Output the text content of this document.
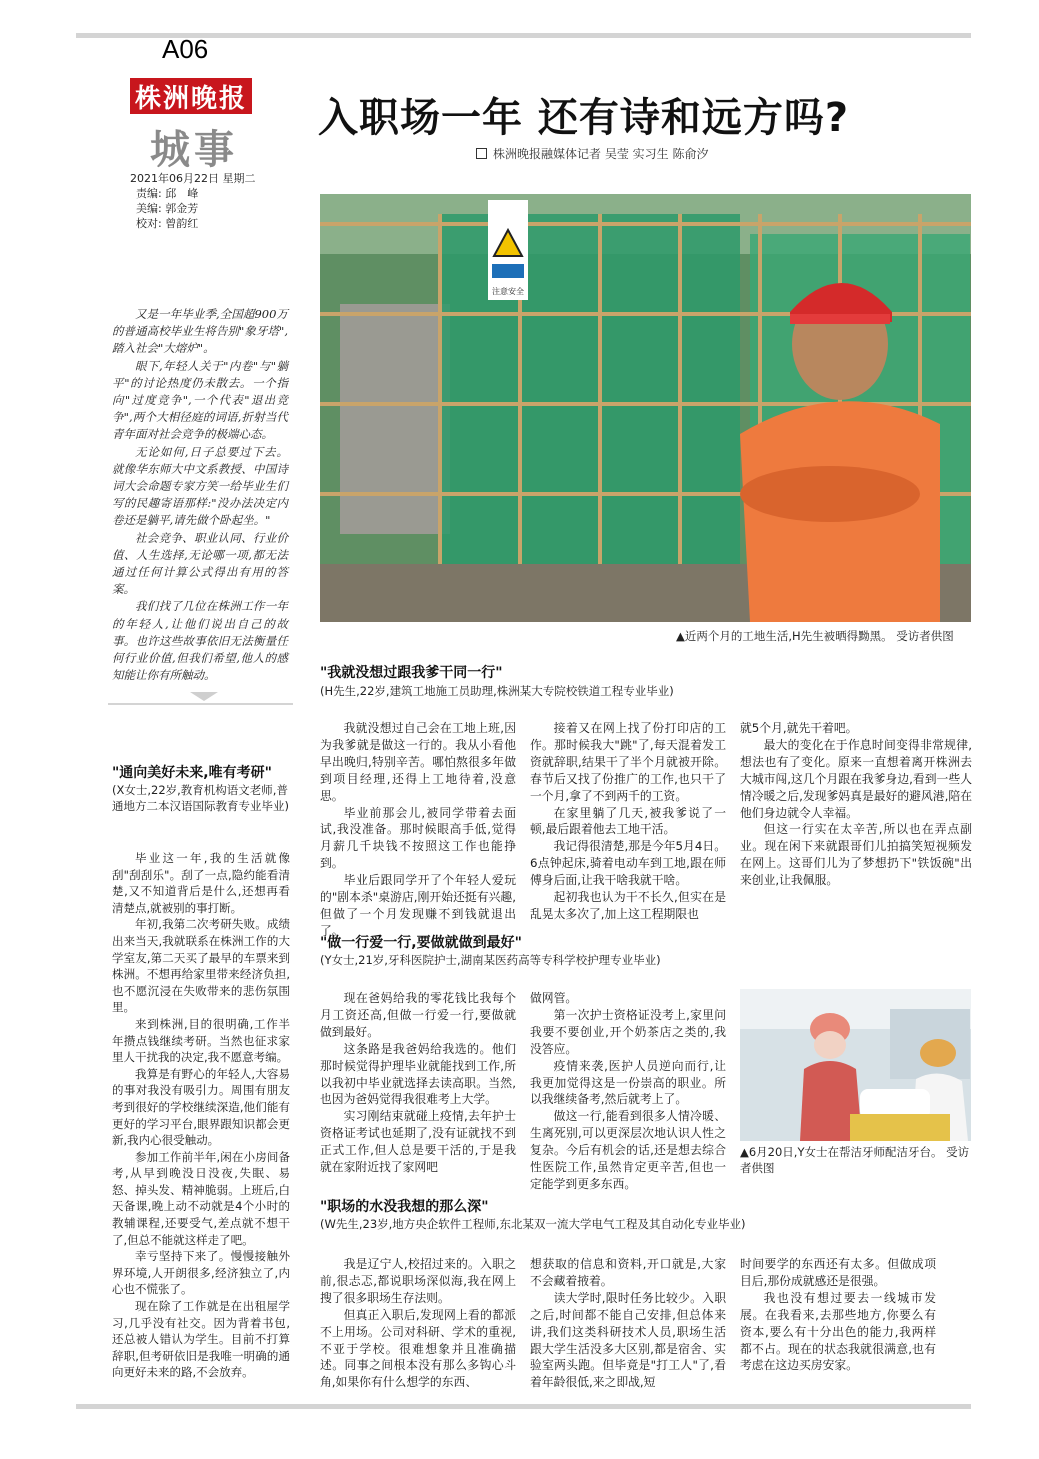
A06
株洲晚报
城事
2021年06月22日 星期二
责编: 邱　峰
美编: 郭金芳
校对: 曾韵红
入职场一年 还有诗和远方吗?
株洲晚报融媒体记者 吴莹 实习生 陈俞汐

又是一年毕业季,全国超900万的普通高校毕业生将告别"象牙塔",踏入社会"大熔炉"。

眼下,年轻人关于"内卷"与"躺平"的讨论热度仍未散去。一个指向"过度竞争",一个代表"退出竞争",两个大相径庭的词语,折射当代青年面对社会竞争的极端心态。

无论如何,日子总要过下去。就像华东师大中文系教授、中国诗词大会命题专家方笑一给毕业生们写的民趣寄语那样:"没办法决定内卷还是躺平,请先做个卧起坐。"

社会竞争、职业认同、行业价值、人生选择,无论哪一项,都无法通过任何计算公式得出有用的答案。

我们找了几位在株洲工作一年的年轻人,让他们说出自己的故事。也许这些故事依旧无法衡量任何行业价值,但我们希望,他人的感知能让你有所触动。

注意安全
▲近两个月的工地生活,H先生被晒得黝黑。 受访者供图
"我就没想过跟我爹干同一行"
(H先生,22岁,建筑工地施工员助理,株洲某大专院校铁道工程专业毕业)

我就没想过自己会在工地上班,因为我爹就是做这一行的。我从小看他早出晚归,特别辛苦。哪怕熬很多年做到项目经理,还得上工地待着,没意思。

毕业前那会儿,被同学带着去面试,我没准备。那时候眼高手低,觉得月薪几千块钱不按照这工作也能挣到。

毕业后跟同学开了个年轻人爱玩的"剧本杀"桌游店,刚开始还挺有兴趣,但做了一个月发现赚不到钱就退出了。

接着又在网上找了份打印店的工作。那时候我大"跳"了,每天混着发工资就辞职,结果干了半个月就被开除。春节后又找了份推广的工作,也只干了一个月,拿了不到两千的工资。

在家里躺了几天,被我爹说了一顿,最后跟着他去工地干活。

我记得很清楚,那是今年5月4日。6点钟起床,骑着电动车到工地,跟在师傅身后面,让我干啥我就干啥。

起初我也认为干不长久,但实在是乱晃太多次了,加上这工程期限也

就5个月,就先干着吧。

最大的变化在于作息时间变得非常规律,想法也有了变化。原来一直想着离开株洲去大城市闯,这几个月跟在我爹身边,看到一些人情冷暖之后,发现爹妈真是最好的避风港,陪在他们身边就令人幸福。

但这一行实在太辛苦,所以也在弄点副业。现在闲下来就跟哥们儿拍搞笑短视频发在网上。这哥们儿为了梦想扔下"铁饭碗"出来创业,让我佩服。

"通向美好未来,唯有考研"
(X女士,22岁,教育机构语文老师,普通地方二本汉语国际教育专业毕业)

毕业这一年,我的生活就像刮"刮刮乐"。刮了一点,隐约能看清楚,又不知道背后是什么,还想再看清楚点,就被别的事打断。

年初,我第二次考研失败。成绩出来当天,我就联系在株洲工作的大学室友,第二天买了最早的车票来到株洲。不想再给家里带来经济负担,也不愿沉浸在失败带来的悲伤氛围里。

来到株洲,目的很明确,工作半年攒点钱继续考研。当然也征求家里人干扰我的决定,我不愿意考编。

我算是有野心的年轻人,大容易的事对我没有吸引力。周围有朋友考到很好的学校继续深造,他们能有更好的学习平台,眼界跟知识都会更新,我内心很受触动。

参加工作前半年,闲在小房间备考,从早到晚没日没夜,失眠、易怒、掉头发、精神脆弱。上班后,白天备课,晚上动不动就是4个小时的教辅课程,还要受气,差点就不想干了,但总不能就这样走了吧。

幸亏坚持下来了。慢慢接触外界环境,人开朗很多,经济独立了,内心也不慌张了。

现在除了工作就是在出租屋学习,几乎没有社交。因为背着书包,还总被人错认为学生。目前不打算辞职,但考研依旧是我唯一明确的通向更好未来的路,不会放弃。

"做一行爱一行,要做就做到最好"
(Y女士,21岁,牙科医院护士,湖南某医药高等专科学校护理专业毕业)

现在爸妈给我的零花钱比我每个月工资还高,但做一行爱一行,要做就做到最好。

这条路是我爸妈给我选的。他们那时候觉得护理毕业就能找到工作,所以我初中毕业就选择去读高职。当然,也因为爸妈觉得我很难考上大学。

实习刚结束就碰上疫情,去年护士资格证考试也延期了,没有证就找不到正式工作,但人总是要干活的,于是我就在家附近找了家网吧

做网管。

第一次护士资格证没考上,家里问我要不要创业,开个奶茶店之类的,我没答应。

疫情来袭,医护人员逆向而行,让我更加觉得这是一份崇高的职业。所以我继续备考,然后就考上了。

做这一行,能看到很多人情冷暖、生离死别,可以更深层次地认识人性之复杂。今后有机会的话,还是想去综合性医院工作,虽然肯定更辛苦,但也一定能学到更多东西。

▲6月20日,Y女士在帮洁牙师配洁牙台。 受访者供图
"职场的水没我想的那么深"
(W先生,23岁,地方央企软件工程师,东北某双一流大学电气工程及其自动化专业毕业)

我是辽宁人,校招过来的。入职之前,很忐忑,都说职场深似海,我在网上搜了很多职场生存法则。

但真正入职后,发现网上看的都派不上用场。公司对科研、学术的重视,不亚于学校。很难想象并且准确描述。同事之间根本没有那么多钩心斗角,如果你有什么想学的东西、

想获取的信息和资料,开口就是,大家不会藏着掖着。

读大学时,限时任务比较少。入职之后,时间都不能自己安排,但总体来讲,我们这类科研技术人员,职场生活跟大学生活没多大区别,都是宿舍、实验室两头跑。但毕竟是"打工人"了,看着年龄很低,来之即战,短

时间要学的东西还有太多。但做成项目后,那份成就感还是很强。

我也没有想过要去一线城市发展。在我看来,去那些地方,你要么有资本,要么有十分出色的能力,我两样都不占。现在的状态我就很满意,也有考虑在这边买房安家。
